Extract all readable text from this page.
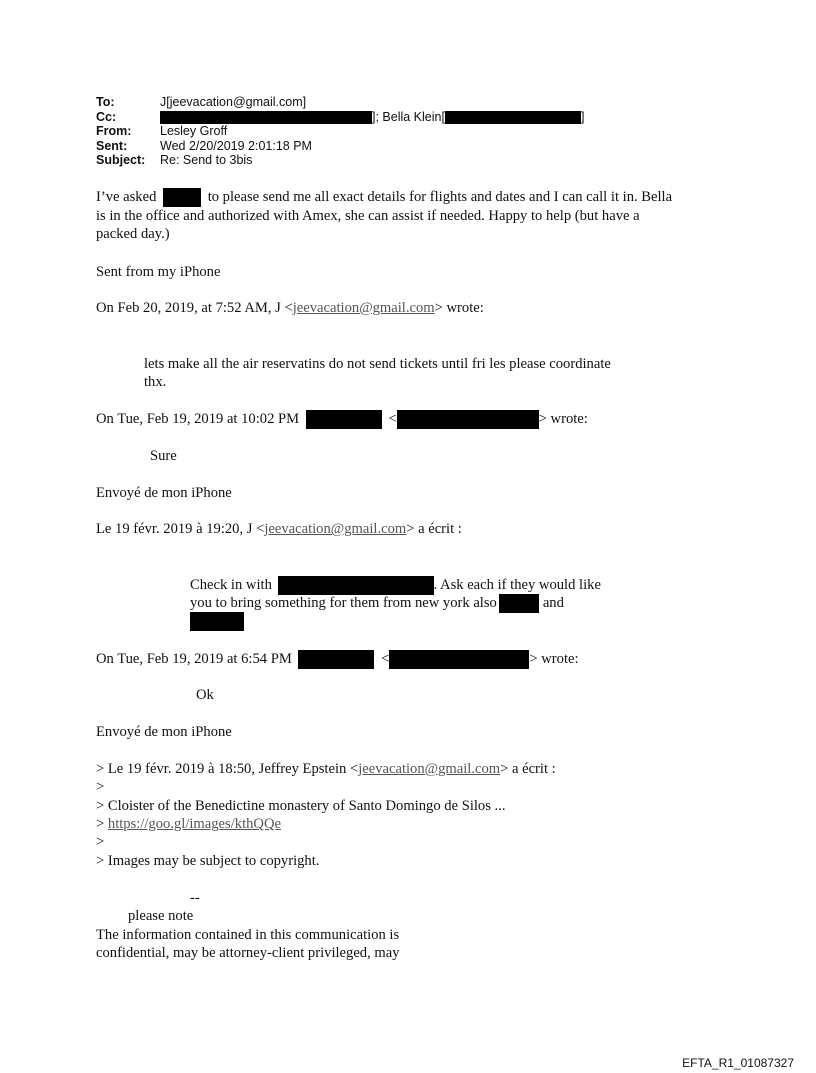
To:	J[jeevacation@gmail.com]
Cc:	]; Bella Klein[	]
From: Lesley Groff
Sent:	Wed 2/20/2019 2:01:18 PM
Subject: Re: Send to 3bis
I’ve asked	to please send me all exact details for flights and dates and I can call it in. Bella
is in the office and authorized with Amex, she can assist if needed. Happy to help (but have a
packed day.)
Sent from my iPhone
On Feb 20, 2019, at 7:52 AM, J <jeevacation@gmail.com> wrote:
lets make all the air reservatins do not send tickets until fri les please coordinate
thx.
On Tue, Feb 19, 2019 at 10:02 PM	<	> wrote:
Sure
Envoyé de mon iPhone
Le 19 févr. 2019 à 19:20, J <jeevacation@gmail.com> a écrit :
Check in with	. Ask each if they would like
you to bring something for them from new york also	and
On Tue, Feb 19, 2019 at 6:54 PM	<	> wrote:
Ok
Envoyé de mon iPhone
> Le 19 févr. 2019 à 18:50, Jeffrey Epstein <jeevacation@gmail.com> a écrit :
>
> Cloister of the Benedictine monastery of Santo Domingo de Silos ...
> https://goo.gl/images/kthQQe
>
> Images may be subject to copyright.
--
please note
The information contained in this communication is
confidential, may be attorney-client privileged, may
EFTA_R1_01087327
